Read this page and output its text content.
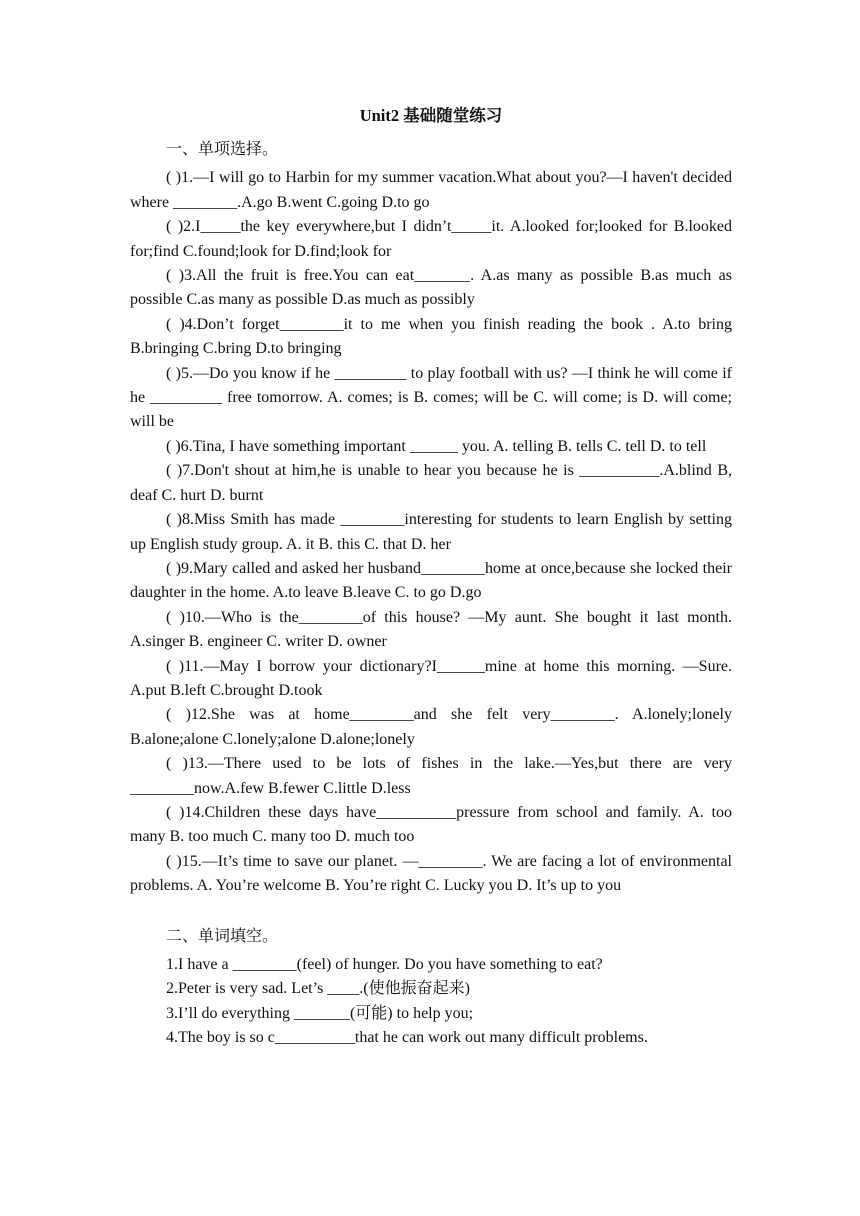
Unit2 基础随堂练习
一、单项选择。

( )1.—I will go to Harbin for my summer vacation.What about you?—I haven't decided where ________.A.go B.went C.going D.to go

( )2.I_____the key everywhere,but I didn’t_____it. A.looked for;looked for B.looked for;find C.found;look for D.find;look for

( )3.All the fruit is free.You can eat_______. A.as many as possible B.as much as possible C.as many as possible D.as much as possibly

( )4.Don’t forget________it to me when you finish reading the book . A.to bring B.bringing C.bring D.to bringing

( )5.—Do you know if he _________ to play football with us? —I think he will come if he _________ free tomorrow. A. comes; is B. comes; will be C. will come; is D. will come; will be

( )6.Tina, I have something important ______ you. A. telling B. tells C. tell D. to tell

( )7.Don't shout at him,he is unable to hear you because he is __________.A.blind B, deaf C. hurt D. burnt

( )8.Miss Smith has made ________interesting for students to learn English by setting up English study group. A. it B. this C. that D. her

( )9.Mary called and asked her husband________home at once,because she locked their daughter in the home. A.to leave B.leave C. to go D.go

( )10.—Who is the________of this house? —My aunt. She bought it last month. A.singer B. engineer C. writer D. owner

( )11.—May I borrow your dictionary?I______mine at home this morning. —Sure. A.put B.left C.brought D.took

( )12.She was at home________and she felt very________. A.lonely;lonely B.alone;alone C.lonely;alone D.alone;lonely

( )13.—There used to be lots of fishes in the lake.—Yes,but there are very ________now.A.few B.fewer C.little D.less

( )14.Children these days have__________pressure from school and family. A. too many B. too much C. many too D. much too

( )15.—It’s time to save our planet. —________. We are facing a lot of environmental problems. A. You’re welcome B. You’re right C. Lucky you D. It’s up to you

二、单词填空。

1.I have a ________(feel) of hunger. Do you have something to eat?

2.Peter is very sad. Let’s ____.(使他振奋起来)

3.I’ll do everything _______(可能) to help you;

4.The boy is so c__________that he can work out many difficult problems.
